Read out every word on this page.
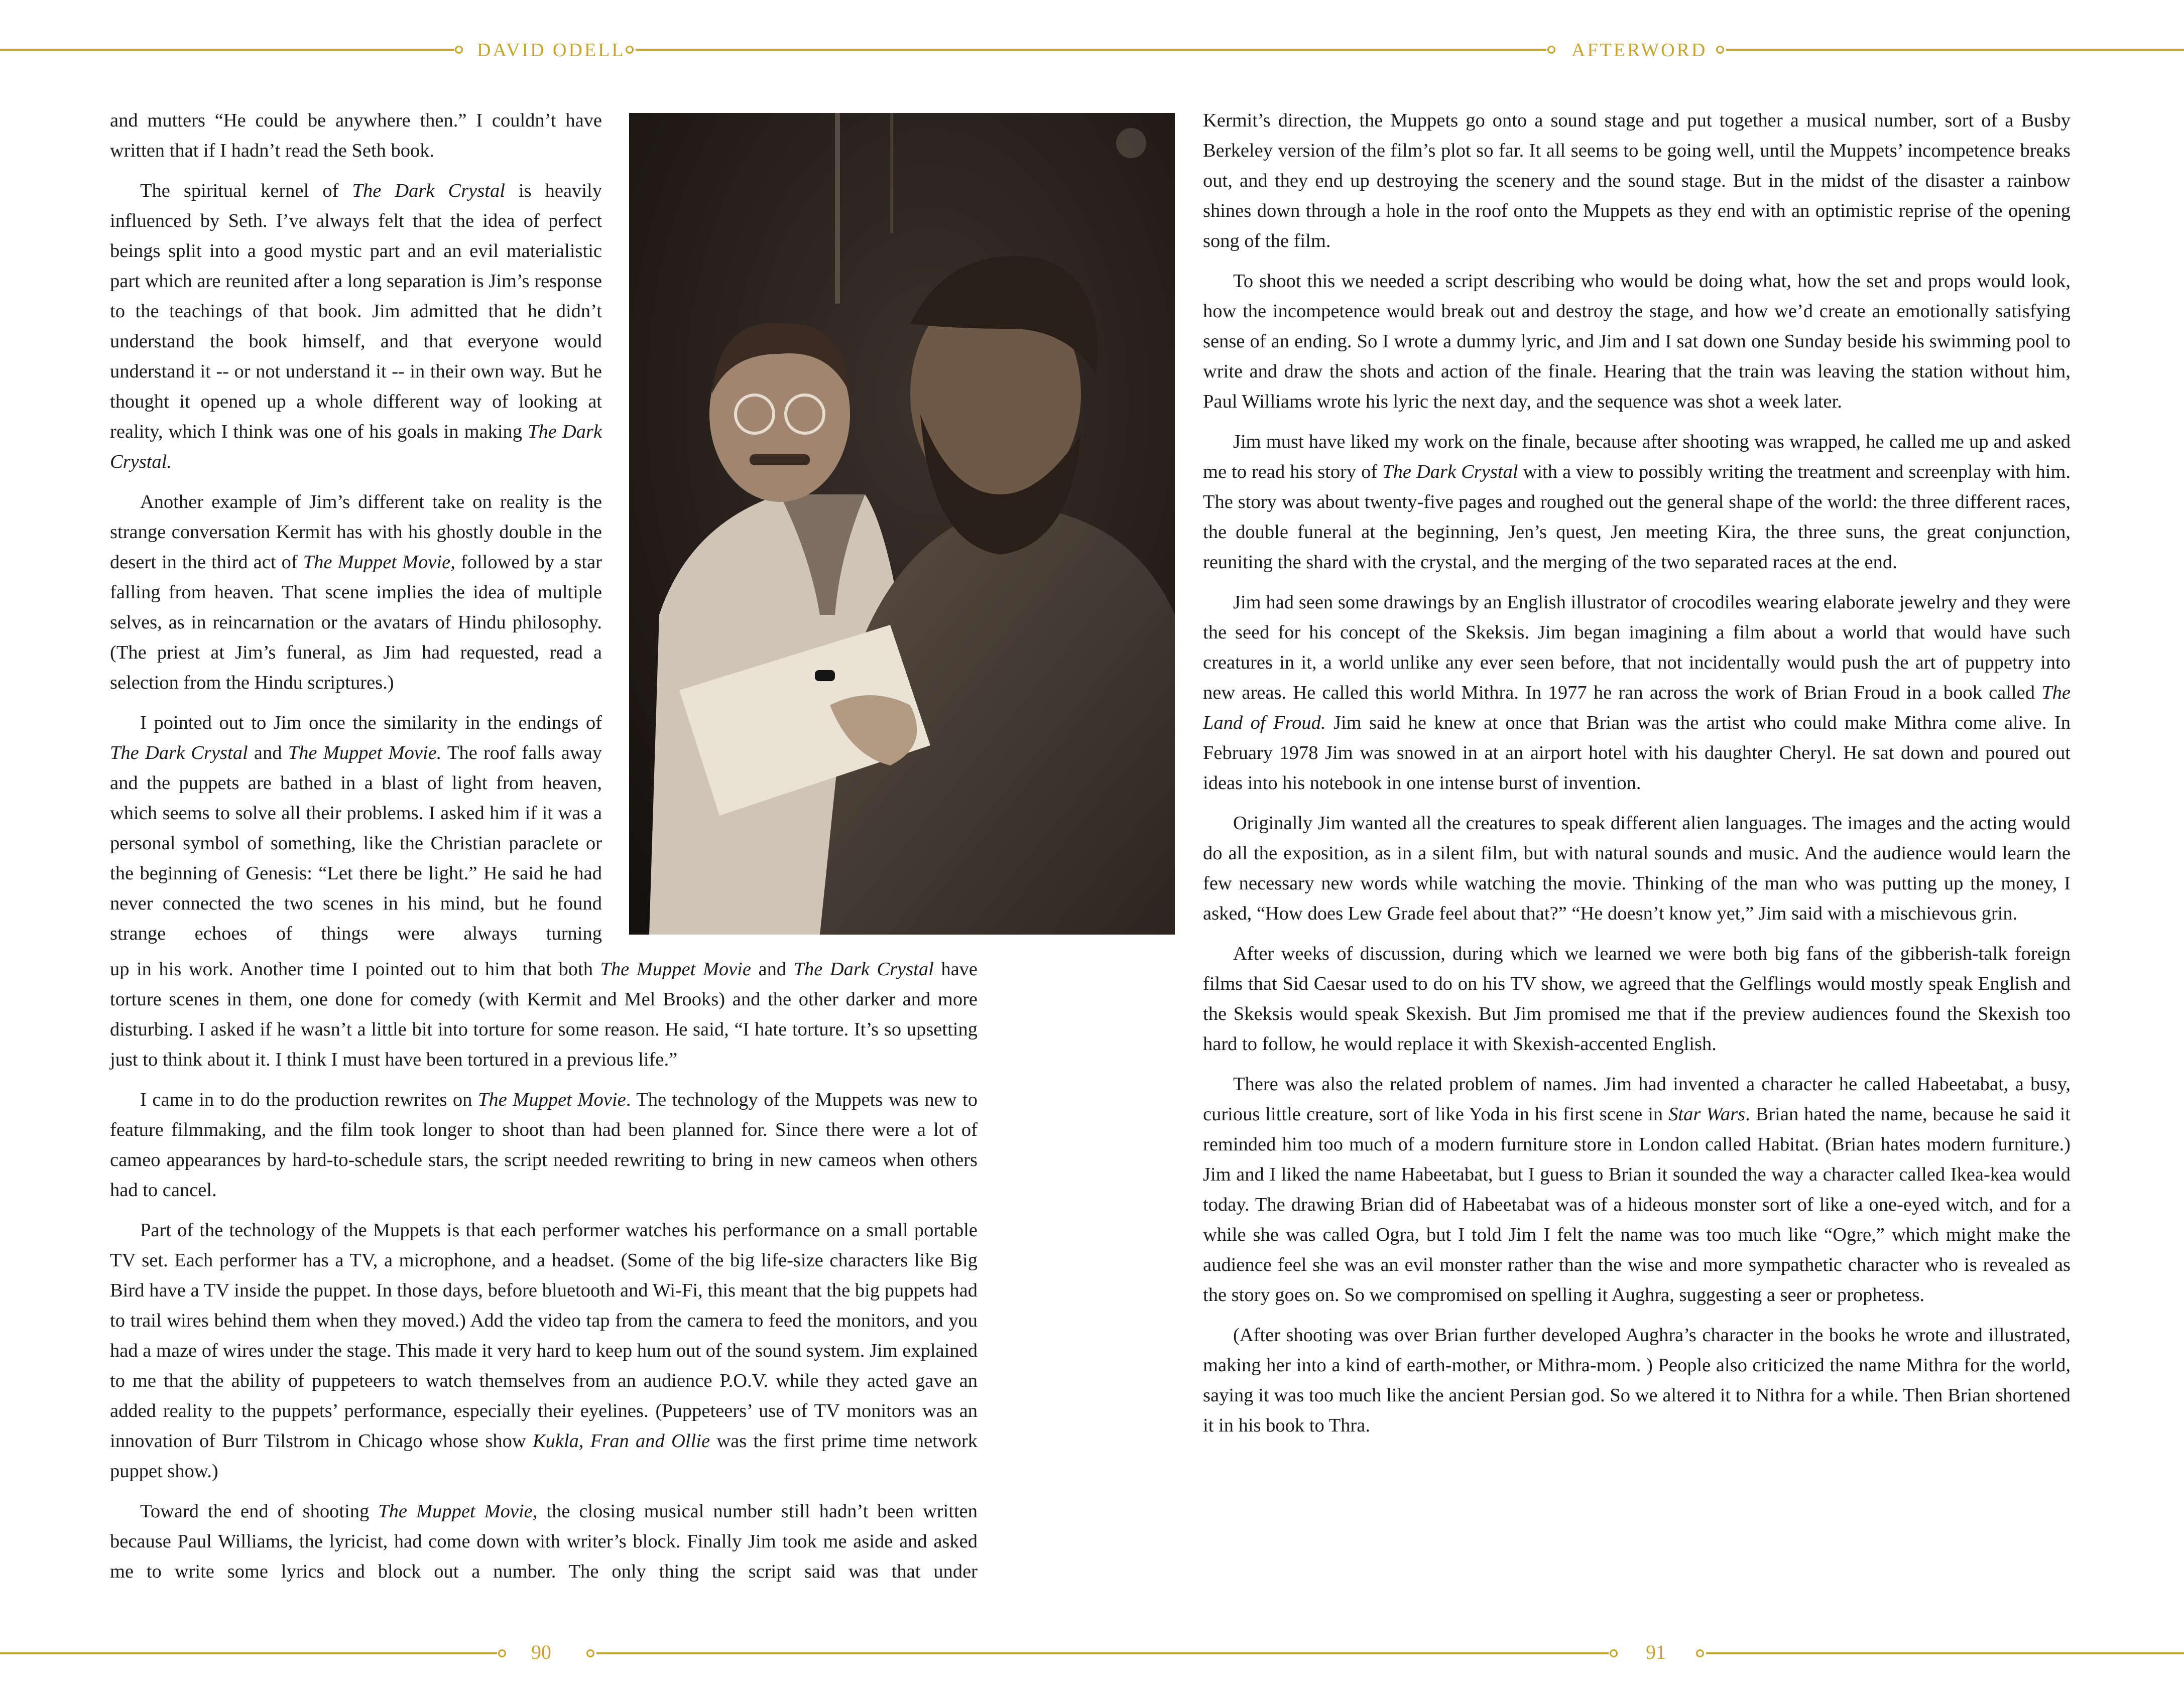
DAVID ODELL	AFTERWORD

and mutters “He could be anywhere then.” I couldn’t have written that if I hadn’t read the Seth book.

The spiritual kernel of The Dark Crystal is heavily influenced by Seth. I’ve always felt that the idea of perfect beings split into a good mystic part and an evil materialistic part which are reunited after a long separation is Jim’s response to the teachings of that book. Jim admitted that he didn’t understand the book himself, and that everyone would understand it -- or not understand it -- in their own way. But he thought it opened up a whole different way of looking at reality, which I think was one of his goals in making The Dark Crystal.

Another example of Jim’s different take on reality is the strange conversation Kermit has with his ghostly double in the desert in the third act of The Muppet Movie, followed by a star falling from heaven. That scene implies the idea of multiple selves, as in reincarnation or the avatars of Hindu philosophy. (The priest at Jim’s funeral, as Jim had requested, read a selection from the Hindu scriptures.)

I pointed out to Jim once the similarity in the endings of The Dark Crystal and The Muppet Movie. The roof falls away and the puppets are bathed in a blast of light from heaven, which seems to solve all their problems. I asked him if it was a personal symbol of something, like the Christian paraclete or the beginning of Genesis: “Let there be light.” He said he had never connected the two scenes in his mind, but he found strange echoes of things were always turning

up in his work. Another time I pointed out to him that both The Muppet Movie and The Dark Crystal have torture scenes in them, one done for comedy (with Kermit and Mel Brooks) and the other darker and more disturbing. I asked if he wasn’t a little bit into torture for some reason. He said, “I hate torture. It’s so upsetting just to think about it. I think I must have been tortured in a previous life.”

I came in to do the production rewrites on The Muppet Movie. The technology of the Muppets was new to feature filmmaking, and the film took longer to shoot than had been planned for. Since there were a lot of cameo appearances by hard-to-schedule stars, the script needed rewriting to bring in new cameos when others had to cancel.

Part of the technology of the Muppets is that each performer watches his performance on a small portable TV set. Each performer has a TV, a microphone, and a headset. (Some of the big life-size characters like Big Bird have a TV inside the puppet. In those days, before bluetooth and Wi-Fi, this meant that the big puppets had to trail wires behind them when they moved.) Add the video tap from the camera to feed the monitors, and you had a maze of wires under the stage. This made it very hard to keep hum out of the sound system. Jim explained to me that the ability of puppeteers to watch themselves from an audience P.O.V. while they acted gave an added reality to the puppets’ performance, especially their eyelines. (Puppeteers’ use of TV monitors was an innovation of Burr Tilstrom in Chicago whose show Kukla, Fran and Ollie was the first prime time network puppet show.)

Toward the end of shooting The Muppet Movie, the closing musical number still hadn’t been written because Paul Williams, the lyricist, had come down with writer’s block. Finally Jim took me aside and asked me to write some lyrics and block out a number. The only thing the script said was that under

Kermit’s direction, the Muppets go onto a sound stage and put together a musical number, sort of a Busby Berkeley version of the film’s plot so far. It all seems to be going well, until the Muppets’ incompetence breaks out, and they end up destroying the scenery and the sound stage. But in the midst of the disaster a rainbow shines down through a hole in the roof onto the Muppets as they end with an optimistic reprise of the opening song of the film.

To shoot this we needed a script describing who would be doing what, how the set and props would look, how the incompetence would break out and destroy the stage, and how we’d create an emotionally satisfying sense of an ending. So I wrote a dummy lyric, and Jim and I sat down one Sunday beside his swimming pool to write and draw the shots and action of the finale. Hearing that the train was leaving the station without him, Paul Williams wrote his lyric the next day, and the sequence was shot a week later.

Jim must have liked my work on the finale, because after shooting was wrapped, he called me up and asked me to read his story of The Dark Crystal with a view to possibly writing the treatment and screenplay with him. The story was about twenty-five pages and roughed out the general shape of the world: the three different races, the double funeral at the beginning, Jen’s quest, Jen meeting Kira, the three suns, the great conjunction, reuniting the shard with the crystal, and the merging of the two separated races at the end.

Jim had seen some drawings by an English illustrator of crocodiles wearing elaborate jewelry and they were the seed for his concept of the Skeksis. Jim began imagining a film about a world that would have such creatures in it, a world unlike any ever seen before, that not incidentally would push the art of puppetry into new areas. He called this world Mithra. In 1977 he ran across the work of Brian Froud in a book called The Land of Froud. Jim said he knew at once that Brian was the artist who could make Mithra come alive. In February 1978 Jim was snowed in at an airport hotel with his daughter Cheryl. He sat down and poured out ideas into his notebook in one intense burst of invention.

Originally Jim wanted all the creatures to speak different alien languages. The images and the acting would do all the exposition, as in a silent film, but with natural sounds and music. And the audience would learn the few necessary new words while watching the movie. Thinking of the man who was putting up the money, I asked, “How does Lew Grade feel about that?” “He doesn’t know yet,” Jim said with a mischievous grin.

After weeks of discussion, during which we learned we were both big fans of the gibberish-talk foreign films that Sid Caesar used to do on his TV show, we agreed that the Gelflings would mostly speak English and the Skeksis would speak Skexish. But Jim promised me that if the preview audiences found the Skexish too hard to follow, he would replace it with Skexish-accented English.

There was also the related problem of names. Jim had invented a character he called Habeetabat, a busy, curious little creature, sort of like Yoda in his first scene in Star Wars. Brian hated the name, because he said it reminded him too much of a modern furniture store in London called Habitat. (Brian hates modern furniture.) Jim and I liked the name Habeetabat, but I guess to Brian it sounded the way a character called Ikea-kea would today. The drawing Brian did of Habeetabat was of a hideous monster sort of like a one-eyed witch, and for a while she was called Ogra, but I told Jim I felt the name was too much like “Ogre,” which might make the audience feel she was an evil monster rather than the wise and more sympathetic character who is revealed as the story goes on. So we compromised on spelling it Aughra, suggesting a seer or prophetess.

(After shooting was over Brian further developed Aughra’s character in the books he wrote and illustrated, making her into a kind of earth-mother, or Mithra-mom. ) People also criticized the name Mithra for the world, saying it was too much like the ancient Persian god. So we altered it to Nithra for a while. Then Brian shortened it in his book to Thra.

90	91
